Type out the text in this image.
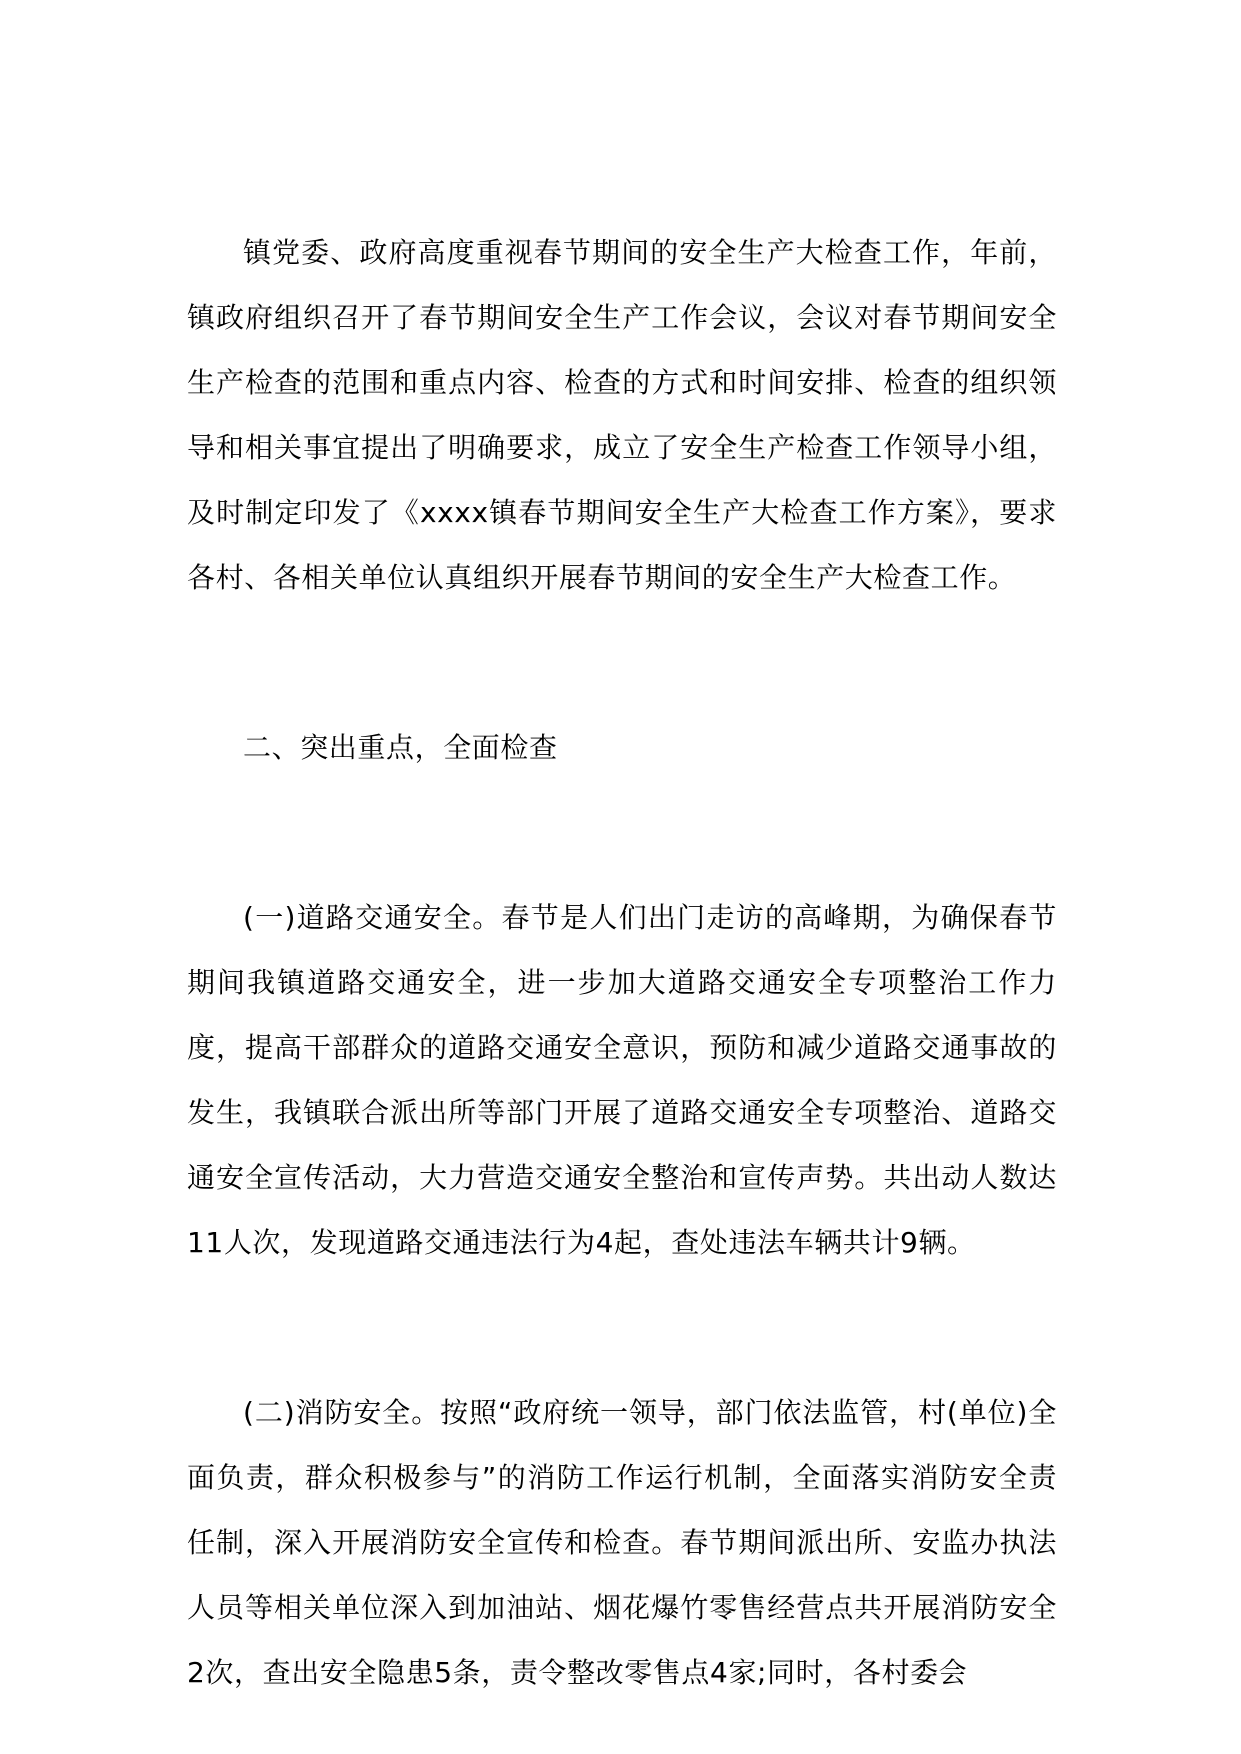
镇党委、政府高度重视春节期间的安全生产大检查工作，年前，镇政府组织召开了春节期间安全生产工作会议，会议对春节期间安全生产检查的范围和重点内容、检查的方式和时间安排、检查的组织领导和相关事宜提出了明确要求，成立了安全生产检查工作领导小组，及时制定印发了《xxxx镇春节期间安全生产大检查工作方案》，要求各村、各相关单位认真组织开展春节期间的安全生产大检查工作。

二、突出重点，全面检查

(一)道路交通安全。春节是人们出门走访的高峰期，为确保春节期间我镇道路交通安全，进一步加大道路交通安全专项整治工作力度，提高干部群众的道路交通安全意识，预防和减少道路交通事故的发生，我镇联合派出所等部门开展了道路交通安全专项整治、道路交通安全宣传活动，大力营造交通安全整治和宣传声势。共出动人数达11人次，发现道路交通违法行为4起，查处违法车辆共计9辆。

(二)消防安全。按照“政府统一领导，部门依法监管，村(单位)全面负责，群众积极参与”的消防工作运行机制，全面落实消防安全责任制，深入开展消防安全宣传和检查。春节期间派出所、安监办执法人员等相关单位深入到加油站、烟花爆竹零售经营点共开展消防安全2次，查出安全隐患5条，责令整改零售点4家;同时，各村委会
